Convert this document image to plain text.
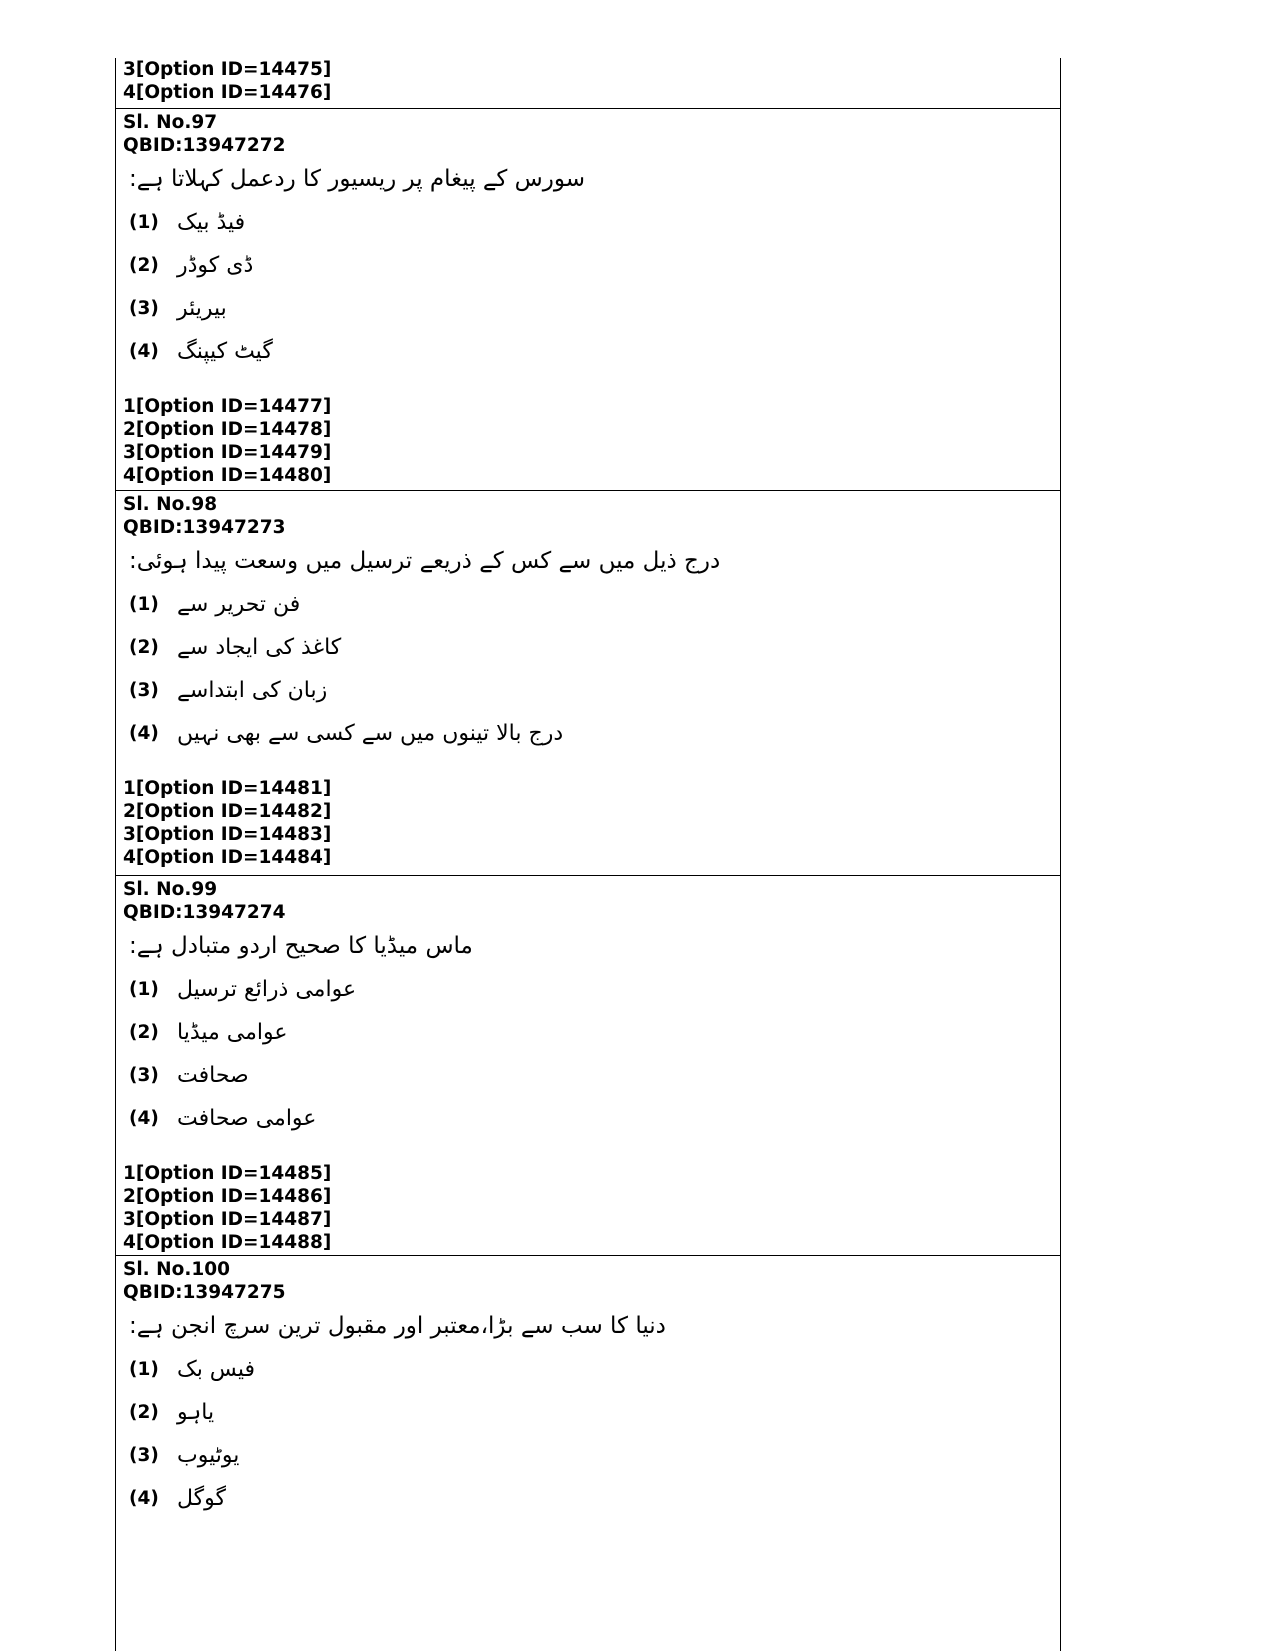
3[Option ID=14475]
4[Option ID=14476]
Sl. No.97
QBID:13947272
سورس کے پیغام پر ریسیور کا ردعمل کہلاتا ہے:
(1) فیڈ بیک
(2) ڈی کوڈر
(3) بیریئر
(4) گیٹ کیپنگ
1[Option ID=14477]
2[Option ID=14478]
3[Option ID=14479]
4[Option ID=14480]
Sl. No.98
QBID:13947273
درج ذیل میں سے کس کے ذریعے ترسیل میں وسعت پیدا ہوئی:
(1) فن تحریر سے
(2) کاغذ کی ایجاد سے
(3) زبان کی ابتداسے
(4) درج بالا تینوں میں سے کسی سے بھی نہیں
1[Option ID=14481]
2[Option ID=14482]
3[Option ID=14483]
4[Option ID=14484]
Sl. No.99
QBID:13947274
ماس میڈیا کا صحیح اردو متبادل ہے:
(1) عوامی ذرائع ترسیل
(2) عوامی میڈیا
(3) صحافت
(4) عوامی صحافت
1[Option ID=14485]
2[Option ID=14486]
3[Option ID=14487]
4[Option ID=14488]
Sl. No.100
QBID:13947275
دنیا کا سب سے بڑا،معتبر اور مقبول ترین سرچ انجن ہے:
(1) فیس بک
(2) یاہو
(3) یوٹیوب
(4) گوگل
